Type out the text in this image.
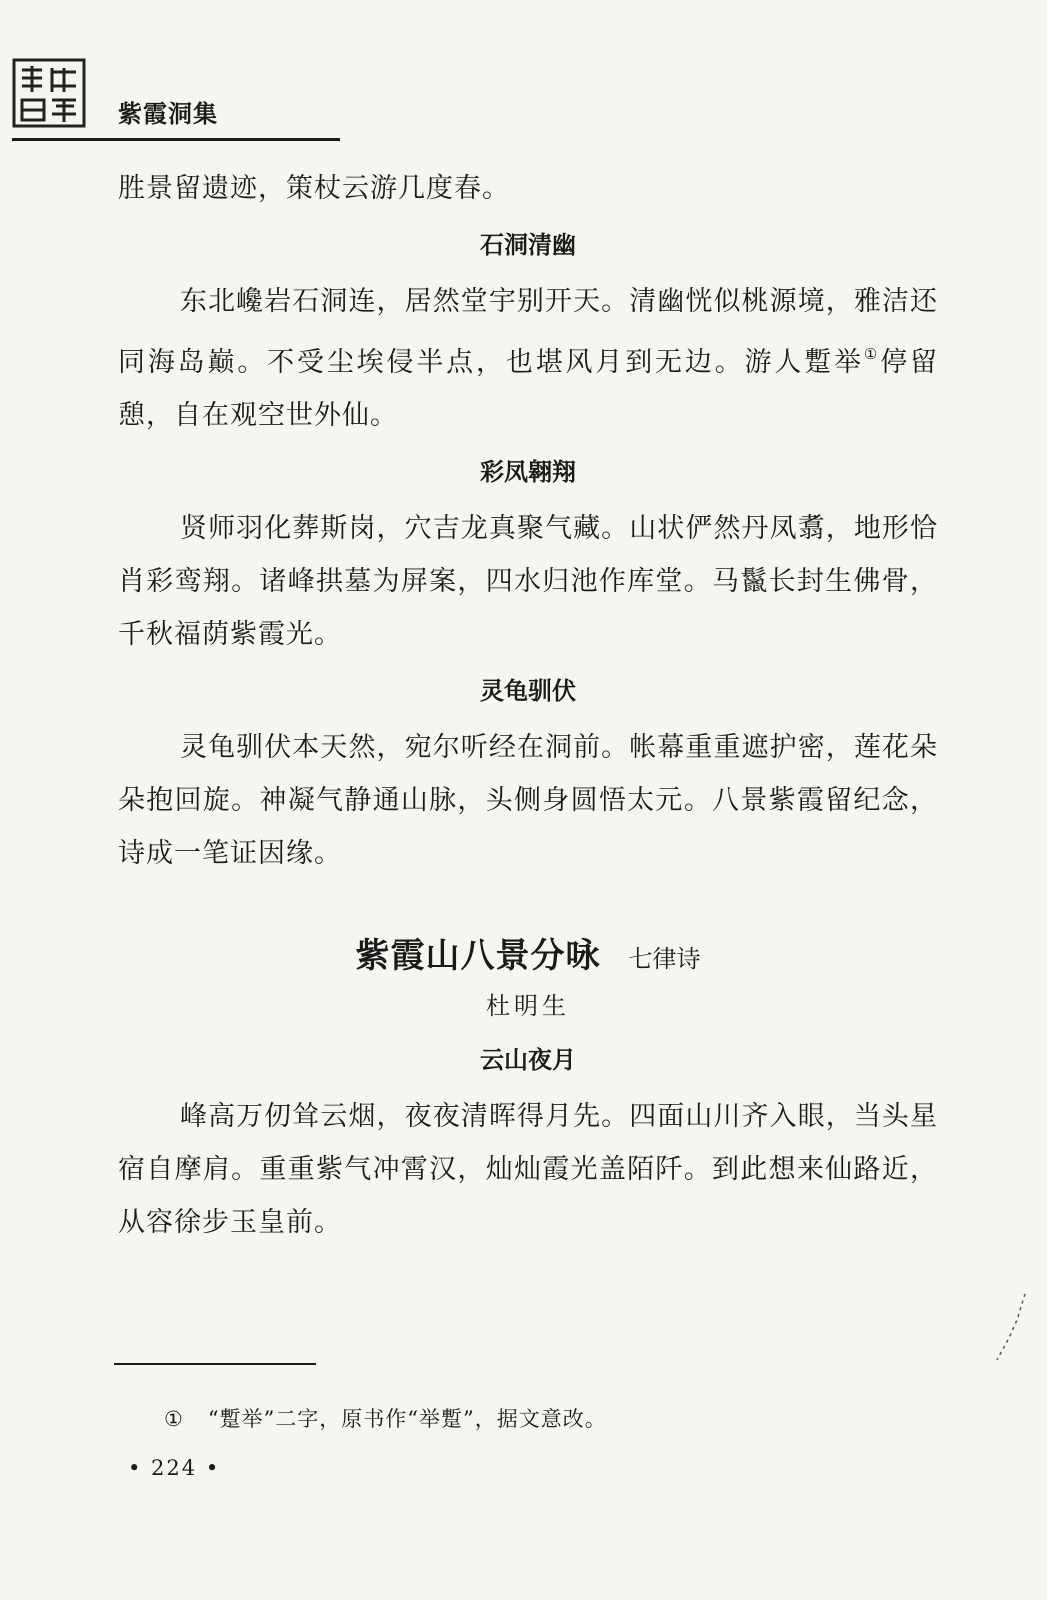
紫霞洞集

胜景留遗迹，策杖云游几度春。

石洞清幽

东北巉岩石洞连，居然堂宇别开天。清幽恍似桃源境，雅洁还同海岛巅。不受尘埃侵半点，也堪风月到无边。游人蹔举①停留憩，自在观空世外仙。

彩凤翱翔

贤师羽化葬斯岗，穴吉龙真聚气藏。山状俨然丹凤翥，地形恰肖彩鸾翔。诸峰拱墓为屏案，四水归池作库堂。马鬣长封生佛骨，千秋福荫紫霞光。

灵龟驯伏

灵龟驯伏本天然，宛尔听经在洞前。帐幕重重遮护密，莲花朵朵抱回旋。神凝气静通山脉，头侧身圆悟太元。八景紫霞留纪念，诗成一笔证因缘。

紫霞山八景分咏 七律诗
杜明生
云山夜月

峰高万仞耸云烟，夜夜清晖得月先。四面山川齐入眼，当头星宿自摩肩。重重紫气冲霄汉，灿灿霞光盖陌阡。到此想来仙路近，从容徐步玉皇前。

① “蹔举”二字，原书作“举蹔”，据文意改。
• 224 •
